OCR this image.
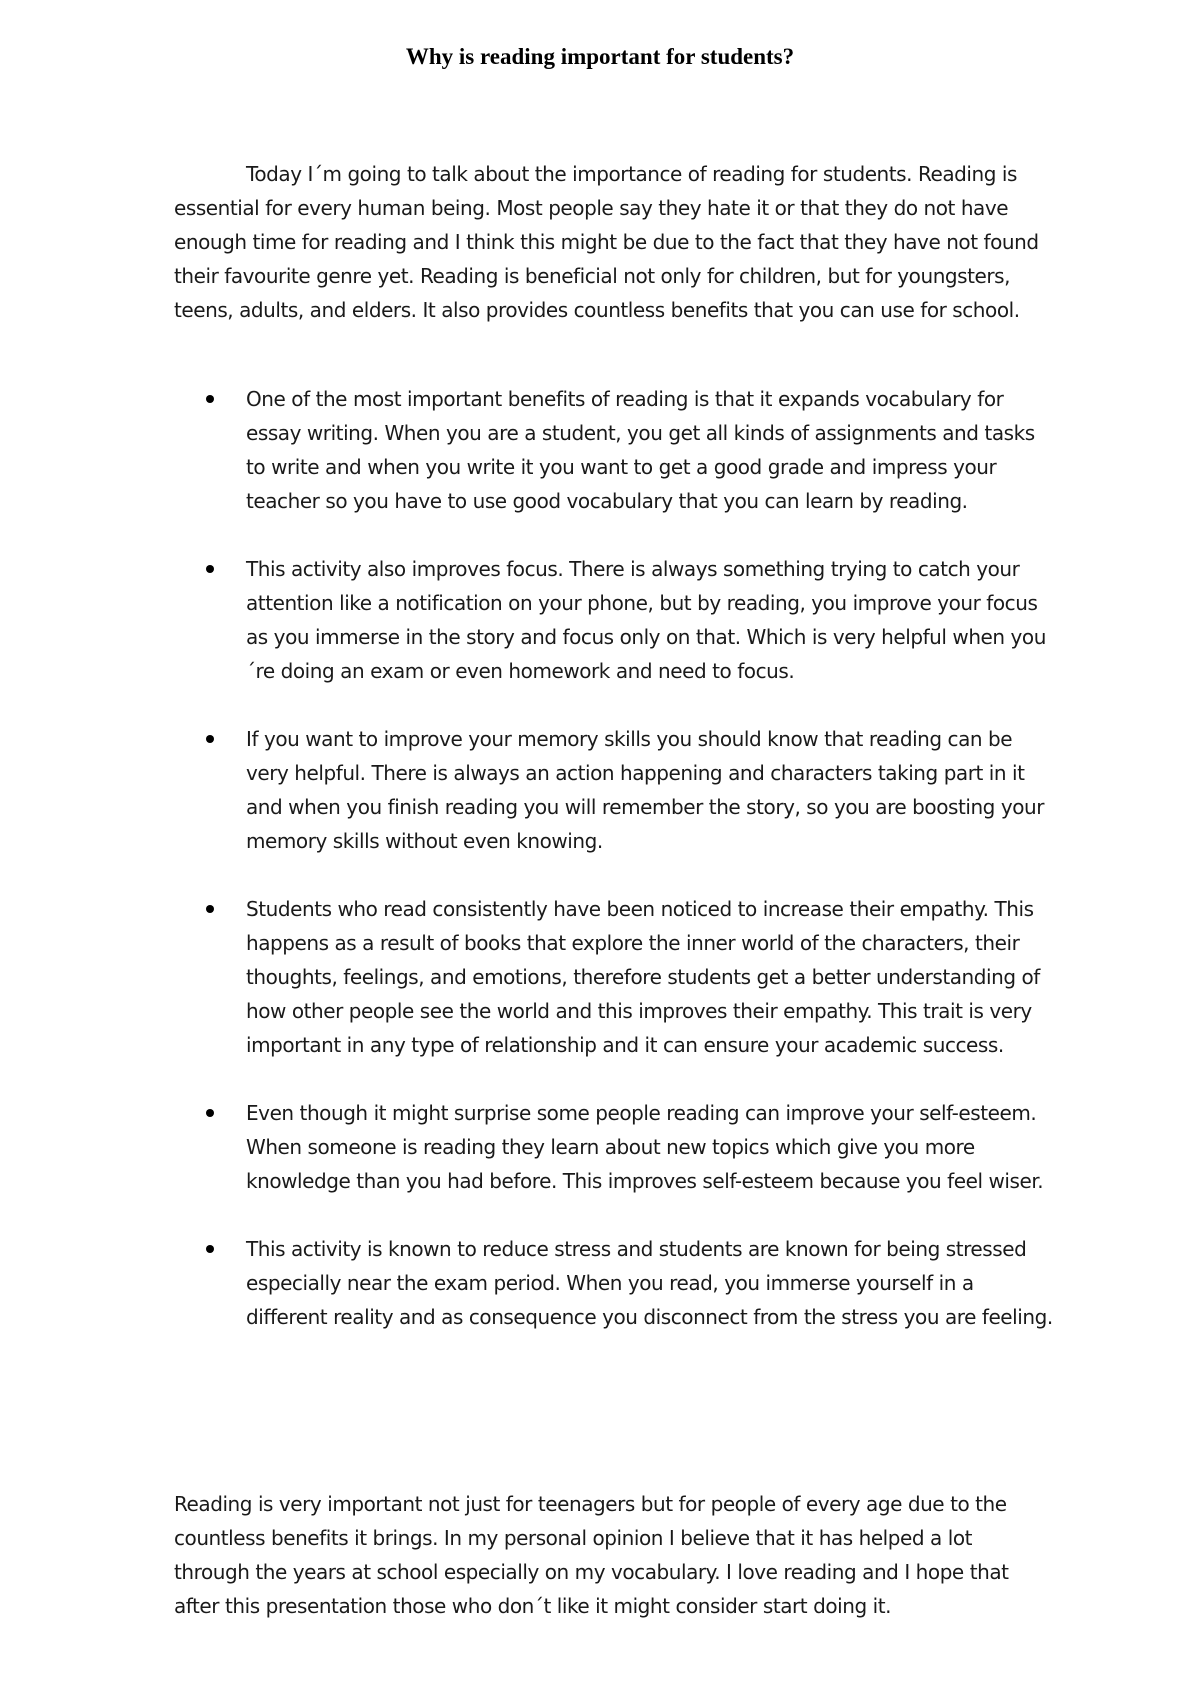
Why is reading important for students?

Today I´m going to talk about the importance of reading for students. Reading is essential for every human being. Most people say they hate it or that they do not have enough time for reading and I think this might be due to the fact that they have not found their favourite genre yet. Reading is beneficial not only for children, but for youngsters, teens, adults, and elders. It also provides countless benefits that you can use for school.

One of the most important benefits of reading is that it expands vocabulary for essay writing. When you are a student, you get all kinds of assignments and tasks to write and when you write it you want to get a good grade and impress your teacher so you have to use good vocabulary that you can learn by reading.
This activity also improves focus. There is always something trying to catch your attention like a notification on your phone, but by reading, you improve your focus as you immerse in the story and focus only on that. Which is very helpful when you´re doing an exam or even homework and need to focus.
If you want to improve your memory skills you should know that reading can be very helpful. There is always an action happening and characters taking part in it and when you finish reading you will remember the story, so you are boosting your memory skills without even knowing.
Students who read consistently have been noticed to increase their empathy. This happens as a result of books that explore the inner world of the characters, their thoughts, feelings, and emotions, therefore students get a better understanding of how other people see the world and this improves their empathy. This trait is very important in any type of relationship and it can ensure your academic success.
Even though it might surprise some people reading can improve your self-esteem. When someone is reading they learn about new topics which give you more knowledge than you had before. This improves self-esteem because you feel wiser.
This activity is known to reduce stress and students are known for being stressed especially near the exam period. When you read, you immerse yourself in a different reality and as consequence you disconnect from the stress you are feeling.

Reading is very important not just for teenagers but for people of every age due to the countless benefits it brings. In my personal opinion I believe that it has helped a lot through the years at school especially on my vocabulary. I love reading and I hope that after this presentation those who don´t like it might consider start doing it.
